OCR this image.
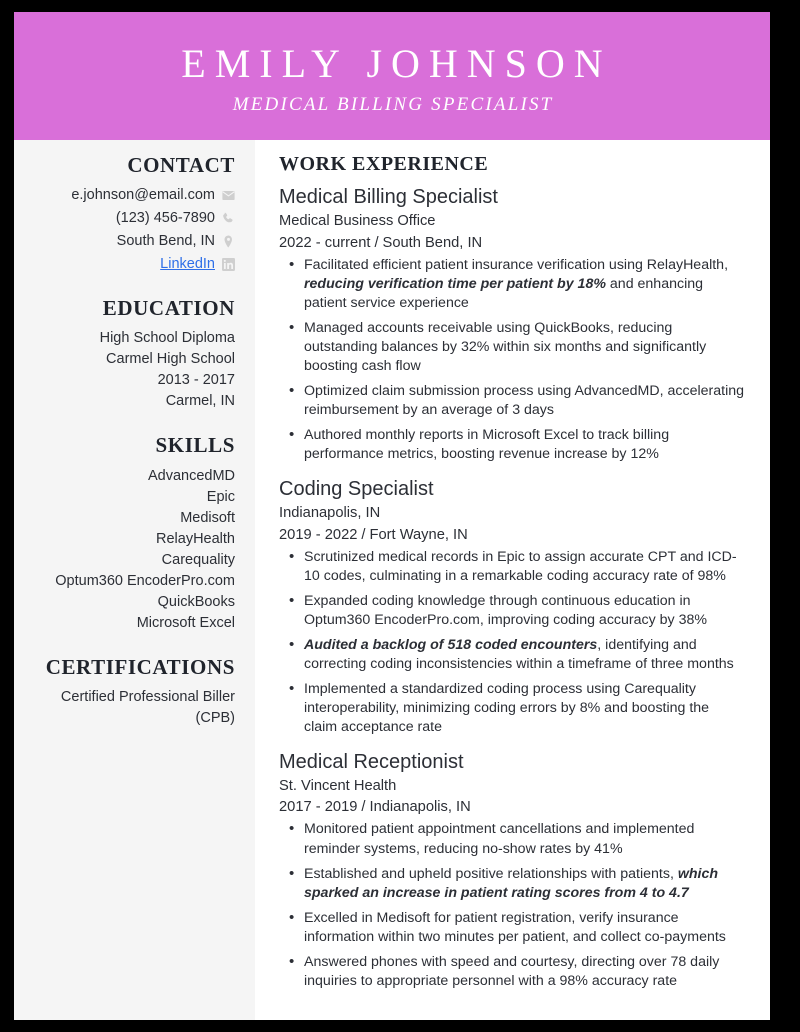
EMILY JOHNSON
MEDICAL BILLING SPECIALIST
CONTACT
e.johnson@email.com
(123) 456-7890
South Bend, IN
LinkedIn
EDUCATION
High School Diploma
Carmel High School
2013 - 2017
Carmel, IN
SKILLS
AdvancedMD
Epic
Medisoft
RelayHealth
Carequality
Optum360 EncoderPro.com
QuickBooks
Microsoft Excel
CERTIFICATIONS
Certified Professional Biller
(CPB)
WORK EXPERIENCE
Medical Billing Specialist
Medical Business Office
2022 - current / South Bend, IN
• Facilitated efficient patient insurance verification using RelayHealth, reducing verification time per patient by 18% and enhancing patient service experience
• Managed accounts receivable using QuickBooks, reducing outstanding balances by 32% within six months and significantly boosting cash flow
• Optimized claim submission process using AdvancedMD, accelerating reimbursement by an average of 3 days
• Authored monthly reports in Microsoft Excel to track billing performance metrics, boosting revenue increase by 12%
Coding Specialist
Indianapolis, IN
2019 - 2022 / Fort Wayne, IN
• Scrutinized medical records in Epic to assign accurate CPT and ICD-10 codes, culminating in a remarkable coding accuracy rate of 98%
• Expanded coding knowledge through continuous education in Optum360 EncoderPro.com, improving coding accuracy by 38%
• Audited a backlog of 518 coded encounters, identifying and correcting coding inconsistencies within a timeframe of three months
• Implemented a standardized coding process using Carequality interoperability, minimizing coding errors by 8% and boosting the claim acceptance rate
Medical Receptionist
St. Vincent Health
2017 - 2019 / Indianapolis, IN
• Monitored patient appointment cancellations and implemented reminder systems, reducing no-show rates by 41%
• Established and upheld positive relationships with patients, which sparked an increase in patient rating scores from 4 to 4.7
• Excelled in Medisoft for patient registration, verify insurance information within two minutes per patient, and collect co-payments
• Answered phones with speed and courtesy, directing over 78 daily inquiries to appropriate personnel with a 98% accuracy rate
